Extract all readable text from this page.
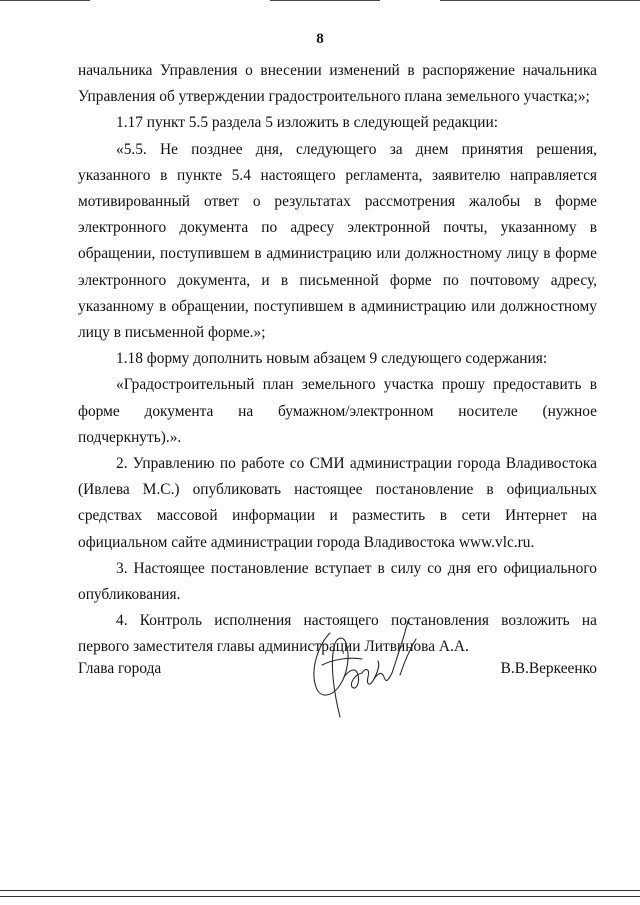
8

начальника Управления о внесении изменений в распоряжение начальника Управления об утверждении градостроительного плана земельного участка;»;

1.17 пункт 5.5 раздела 5 изложить в следующей редакции:

«5.5. Не позднее дня, следующего за днем принятия решения, указанного в пункте 5.4 настоящего регламента, заявителю направляется мотивированный ответ о результатах рассмотрения жалобы в форме электронного документа по адресу электронной почты, указанному в обращении, поступившем в администрацию или должностному лицу в форме электронного документа, и в письменной форме по почтовому адресу, указанному в обращении, поступившем в администрацию или должностному лицу в письменной форме.»;

1.18 форму дополнить новым абзацем 9 следующего содержания:

«Градостроительный план земельного участка прошу предоставить в форме документа на бумажном/электронном носителе (нужное подчеркнуть).».

2. Управлению по работе со СМИ администрации города Владивостока (Ивлева М.С.) опубликовать настоящее постановление в официальных средствах массовой информации и разместить в сети Интернет на официальном сайте администрации города Владивостока www.vlc.ru.

3. Настоящее постановление вступает в силу со дня его официального опубликования.

4. Контроль исполнения настоящего постановления возложить на первого заместителя главы администрации Литвинова А.А.

Глава города	В.В.Веркеенко
